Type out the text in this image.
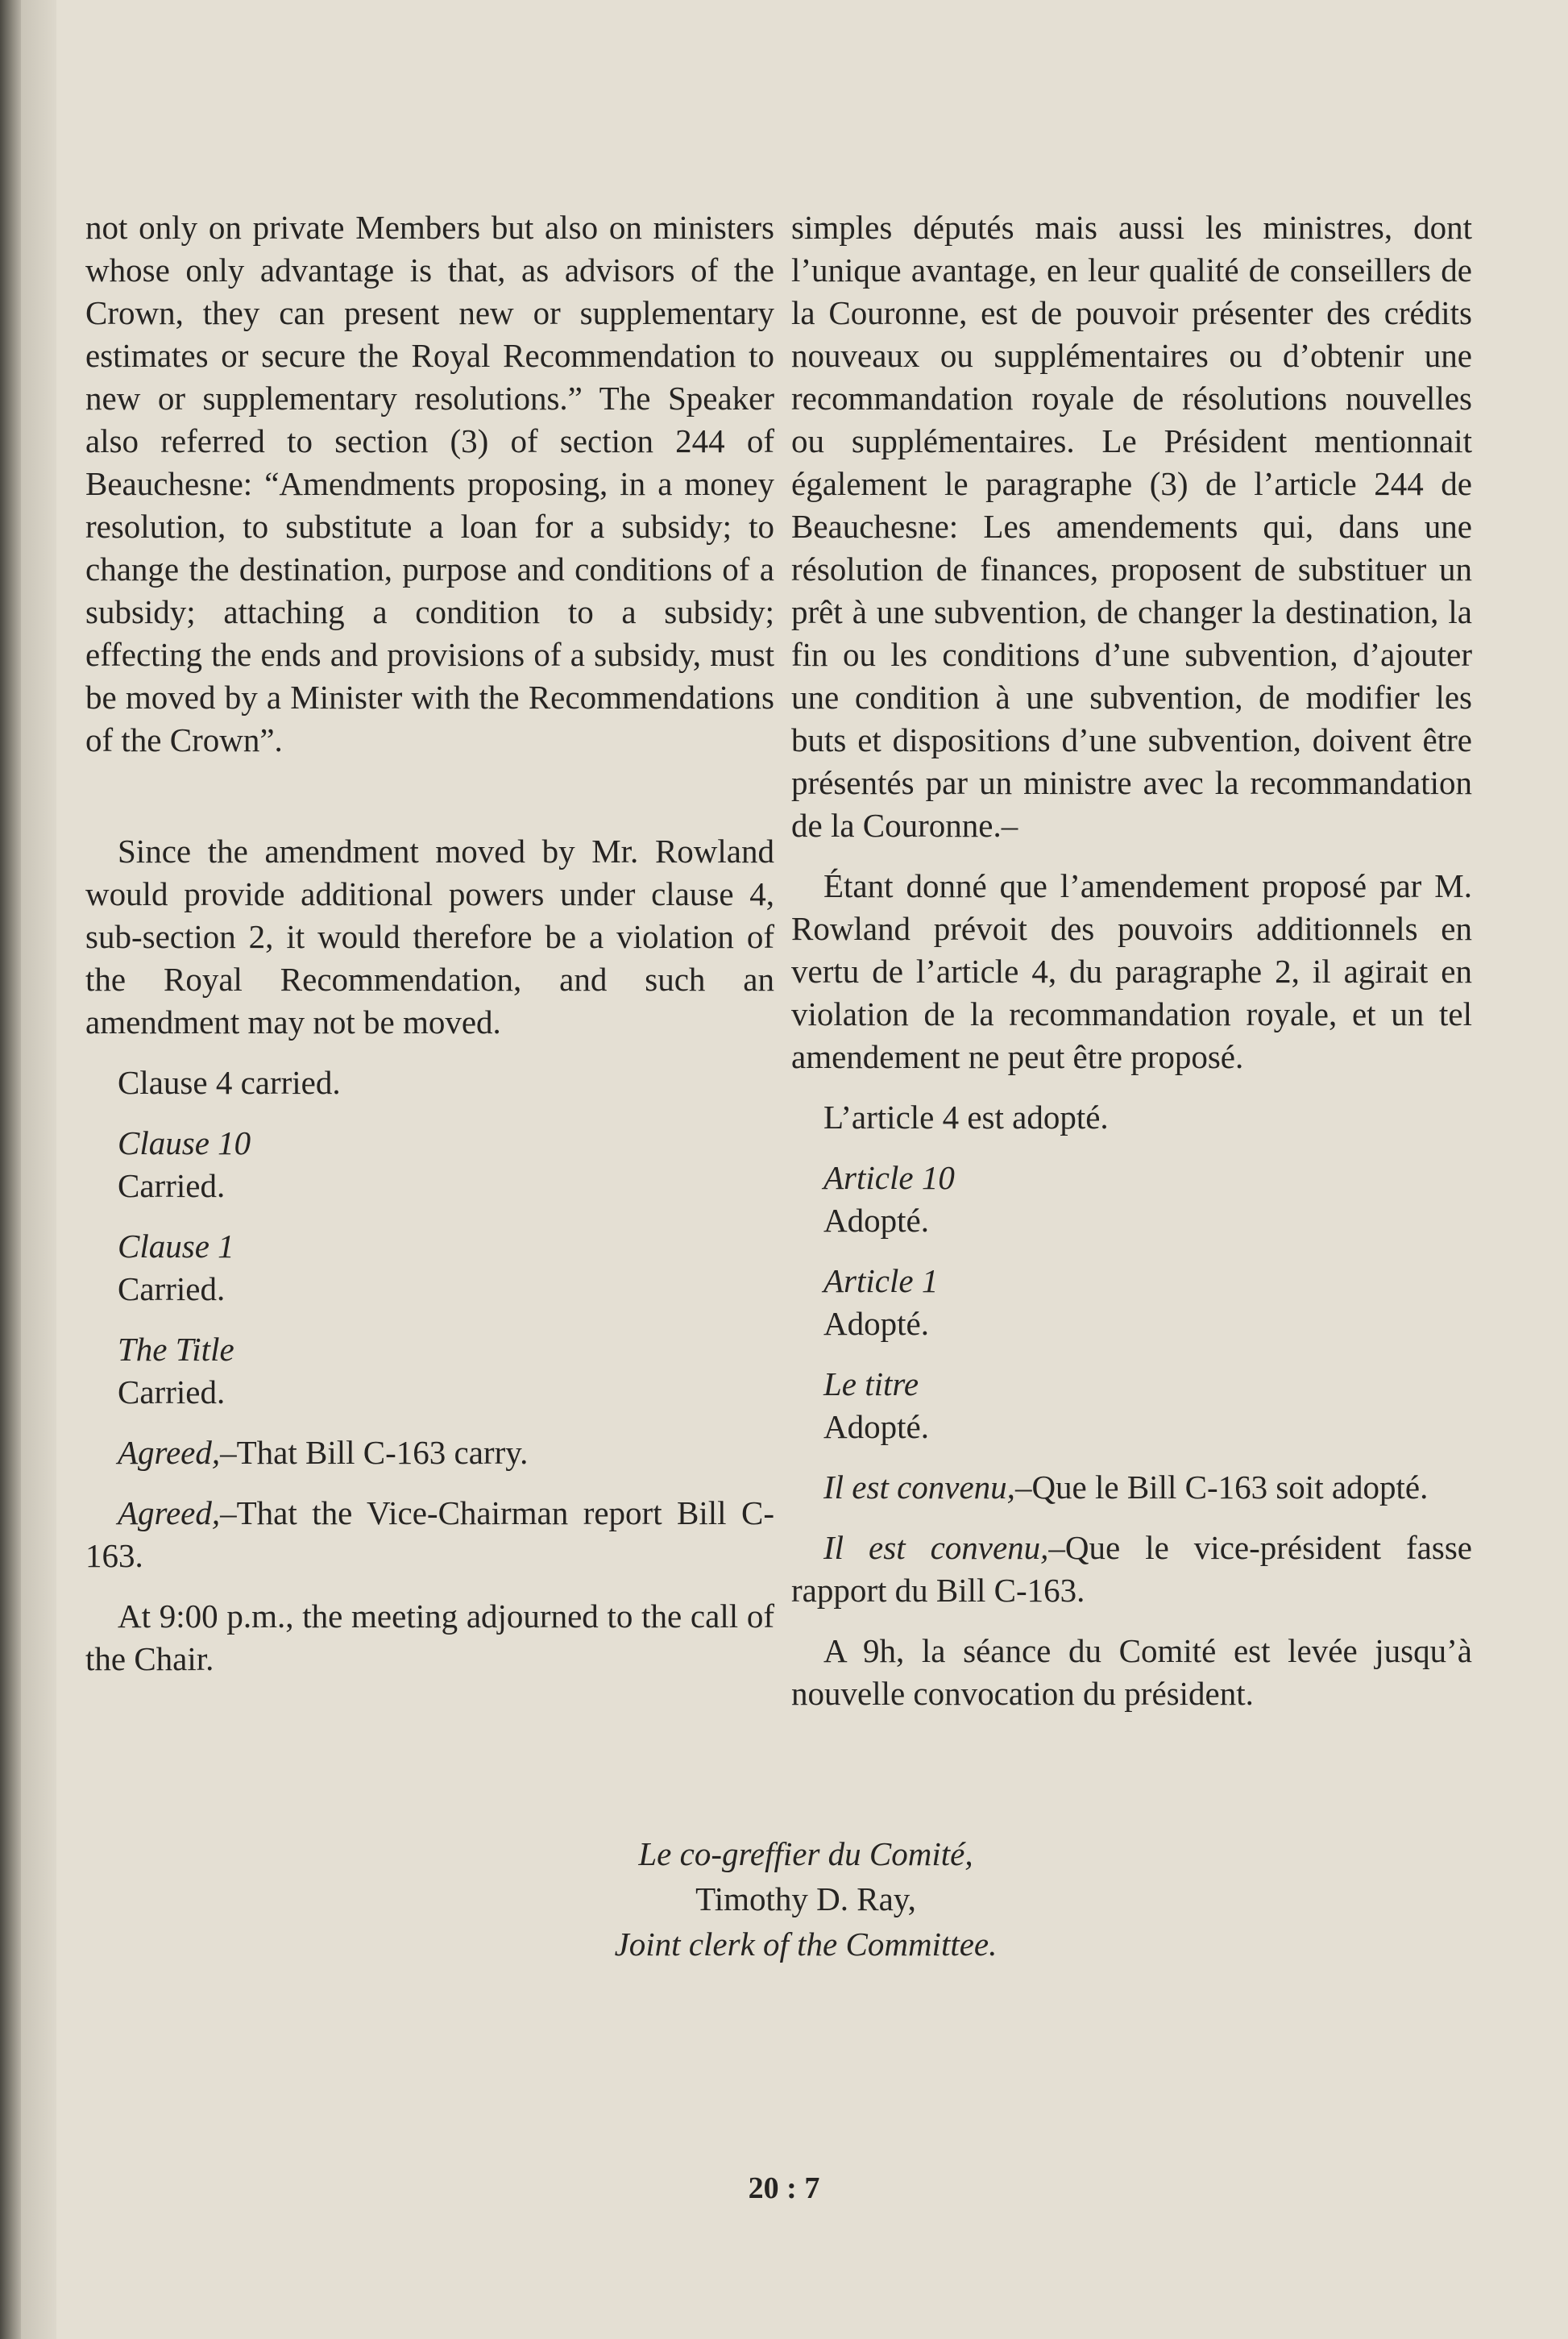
not only on private Members but also on ministers whose only advantage is that, as advisors of the Crown, they can present new or supplementary estimates or secure the Royal Recommendation to new or supplementary resolutions.” The Speaker also referred to section (3) of section 244 of Beauchesne: “Amendments proposing, in a money resolution, to substitute a loan for a subsidy; to change the destination, purpose and conditions of a subsidy; attaching a condition to a subsidy; effecting the ends and provisions of a subsidy, must be moved by a Minister with the Recommendations of the Crown”.

Since the amendment moved by Mr. Rowland would provide additional powers under clause 4, sub-section 2, it would therefore be a violation of the Royal Recommendation, and such an amendment may not be moved.

Clause 4 carried.

Clause 10
Carried.
Clause 1
Carried.
The Title
Carried.

Agreed,–That Bill C-163 carry.

Agreed,–That the Vice-Chairman report Bill C-163.

At 9:00 p.m., the meeting adjourned to the call of the Chair.

simples députés mais aussi les ministres, dont l’unique avantage, en leur qualité de conseillers de la Couronne, est de pouvoir présenter des crédits nouveaux ou supplémentaires ou d’obtenir une recommandation royale de résolutions nouvelles ou supplémentaires. Le Président mentionnait également le paragraphe (3) de l’article 244 de Beauchesne: Les amendements qui, dans une résolution de finances, proposent de substituer un prêt à une subvention, de changer la destination, la fin ou les conditions d’une subvention, d’ajouter une condition à une subvention, de modifier les buts et dispositions d’une subvention, doivent être présentés par un ministre avec la recommandation de la Couronne.–

Étant donné que l’amendement proposé par M. Rowland prévoit des pouvoirs additionnels en vertu de l’article 4, du paragraphe 2, il agirait en violation de la recommandation royale, et un tel amendement ne peut être proposé.

L’article 4 est adopté.

Article 10
Adopté.
Article 1
Adopté.
Le titre
Adopté.

Il est convenu,–Que le Bill C-163 soit adopté.

Il est convenu,–Que le vice-président fasse rapport du Bill C-163.

A 9h, la séance du Comité est levée jusqu’à nouvelle convocation du président.

Le co-greffier du Comité,
Timothy D. Ray,
Joint clerk of the Committee.
20 : 7
